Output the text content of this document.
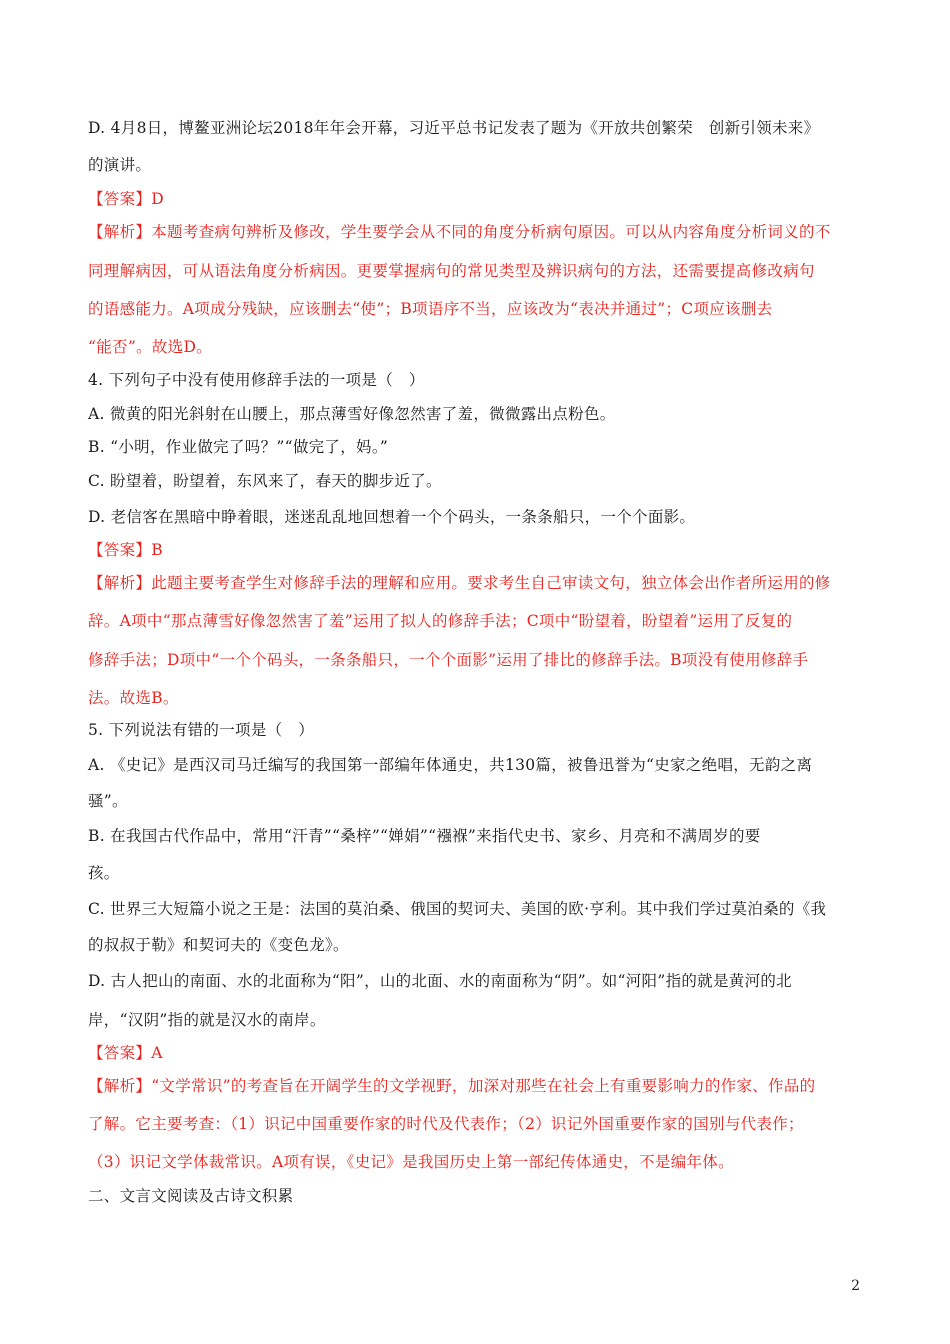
D. 4月8日，博鳌亚洲论坛2018年年会开幕，习近平总书记发表了题为《开放共创繁荣　创新引领未来》
的演讲。
【答案】D
【解析】本题考查病句辨析及修改，学生要学会从不同的角度分析病句原因。可以从内容角度分析词义的不
同理解病因，可从语法角度分析病因。更要掌握病句的常见类型及辨识病句的方法，还需要提高修改病句
的语感能力。A项成分残缺，应该删去“使”；B项语序不当，应该改为“表决并通过”；C项应该删去
“能否”。故选D。
4. 下列句子中没有使用修辞手法的一项是（　）
A. 微黄的阳光斜射在山腰上，那点薄雪好像忽然害了羞，微微露出点粉色。
B. “小明，作业做完了吗？”“做完了，妈。”
C. 盼望着，盼望着，东风来了，春天的脚步近了。
D. 老信客在黑暗中睁着眼，迷迷乱乱地回想着一个个码头，一条条船只，一个个面影。
【答案】B
【解析】此题主要考查学生对修辞手法的理解和应用。要求考生自己审读文句，独立体会出作者所运用的修
辞。A项中“那点薄雪好像忽然害了羞”运用了拟人的修辞手法；C项中“盼望着，盼望着”运用了反复的
修辞手法；D项中“一个个码头，一条条船只，一个个面影”运用了排比的修辞手法。B项没有使用修辞手
法。故选B。
5. 下列说法有错的一项是（　）
A. 《史记》是西汉司马迁编写的我国第一部编年体通史，共130篇，被鲁迅誉为“史家之绝唱，无韵之离
骚”。
B. 在我国古代作品中，常用“汗青”“桑梓”“婵娟”“襁褓”来指代史书、家乡、月亮和不满周岁的要
孩。
C. 世界三大短篇小说之王是：法国的莫泊桑、俄国的契诃夫、美国的欧·亨利。其中我们学过莫泊桑的《我
的叔叔于勒》和契诃夫的《变色龙》。
D. 古人把山的南面、水的北面称为“阳”，山的北面、水的南面称为“阴”。如“河阳”指的就是黄河的北
岸，“汉阴”指的就是汉水的南岸。
【答案】A
【解析】“文学常识”的考查旨在开阔学生的文学视野，加深对那些在社会上有重要影响力的作家、作品的
了解。它主要考查：（1）识记中国重要作家的时代及代表作；（2）识记外国重要作家的国别与代表作；
（3）识记文学体裁常识。A项有误，《史记》是我国历史上第一部纪传体通史，不是编年体。
二、文言文阅读及古诗文积累
2
